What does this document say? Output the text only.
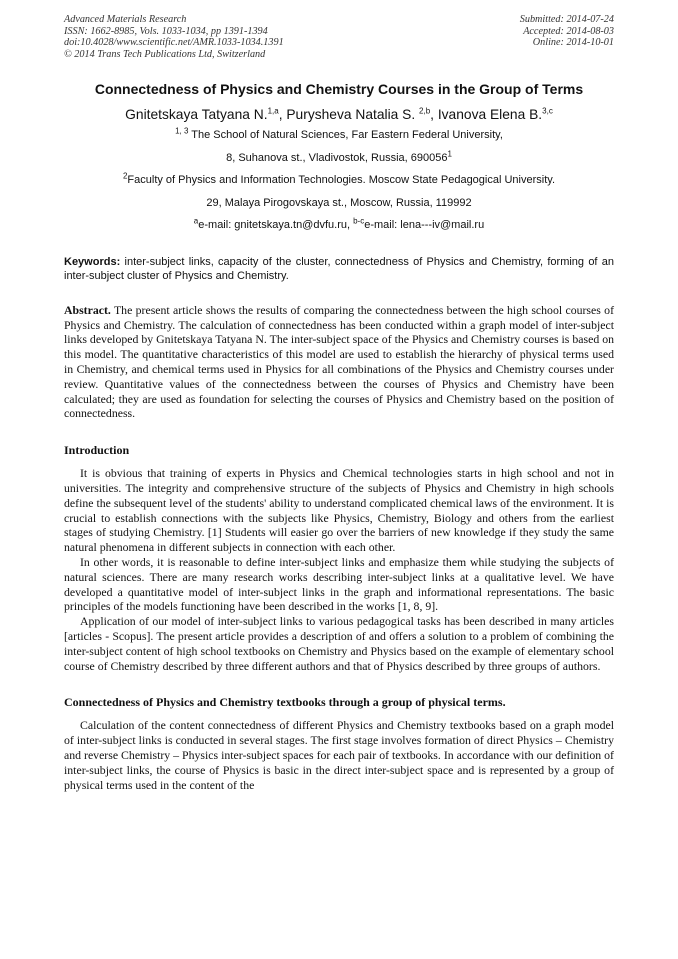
Advanced Materials Research
ISSN: 1662-8985, Vols. 1033-1034, pp 1391-1394
doi:10.4028/www.scientific.net/AMR.1033-1034.1391
© 2014 Trans Tech Publications Ltd, Switzerland
Submitted: 2014-07-24
Accepted: 2014-08-03
Online: 2014-10-01
Connectedness of Physics and Chemistry Courses in the Group of Terms
Gnitetskaya Tatyana N.$^{1,a}$, Purysheva Natalia S. $^{2,b}$, Ivanova Elena B.$^{3,c}$
$^{1, 3}$ The School of Natural Sciences, Far Eastern Federal University,
8, Suhanova st., Vladivostok, Russia, 690056$^1$
$^2$Faculty of Physics and Information Technologies. Moscow State Pedagogical University.
29, Malaya Pirogovskaya st., Moscow, Russia, 119992
$^a$e-mail: gnitetskaya.tn@dvfu.ru, $^{b-c}$e-mail: lena---iv@mail.ru
Keywords: inter-subject links, capacity of the cluster, connectedness of Physics and Chemistry, forming of an inter-subject cluster of Physics and Chemistry.
Abstract. The present article shows the results of comparing the connectedness between the high school courses of Physics and Chemistry. The calculation of connectedness has been conducted within a graph model of inter-subject links developed by Gnitetskaya Tatyana N. The inter-subject space of the Physics and Chemistry courses is based on this model. The quantitative characteristics of this model are used to establish the hierarchy of physical terms used in Chemistry, and chemical terms used in Physics for all combinations of the Physics and Chemistry courses under review. Quantitative values of the connectedness between the courses of Physics and Chemistry have been calculated; they are used as foundation for selecting the courses of Physics and Chemistry based on the position of connectedness.
Introduction

It is obvious that training of experts in Physics and Chemical technologies starts in high school and not in universities. The integrity and comprehensive structure of the subjects of Physics and Chemistry in high schools define the subsequent level of the students' ability to understand complicated chemical laws of the environment. It is crucial to establish connections with the subjects like Physics, Chemistry, Biology and others from the earliest stages of studying Chemistry. [1] Students will easier go over the barriers of new knowledge if they study the same natural phenomena in different subjects in connection with each other.

In other words, it is reasonable to define inter-subject links and emphasize them while studying the subjects of natural sciences. There are many research works describing inter-subject links at a qualitative level. We have developed a quantitative model of inter-subject links in the graph and informational representations. The basic principles of the models functioning have been described in the works [1, 8, 9].

Application of our model of inter-subject links to various pedagogical tasks has been described in many articles [articles - Scopus]. The present article provides a description of and offers a solution to a problem of combining the inter-subject content of high school textbooks on Chemistry and Physics based on the example of elementary school course of Chemistry described by three different authors and that of Physics described by three groups of authors.

Connectedness of Physics and Chemistry textbooks through a group of physical terms.

Calculation of the content connectedness of different Physics and Chemistry textbooks based on a graph model of inter-subject links is conducted in several stages. The first stage involves formation of direct Physics – Chemistry and reverse Chemistry – Physics inter-subject spaces for each pair of textbooks. In accordance with our definition of inter-subject links, the course of Physics is basic in the direct inter-subject space and is represented by a group of physical terms used in the content of the
